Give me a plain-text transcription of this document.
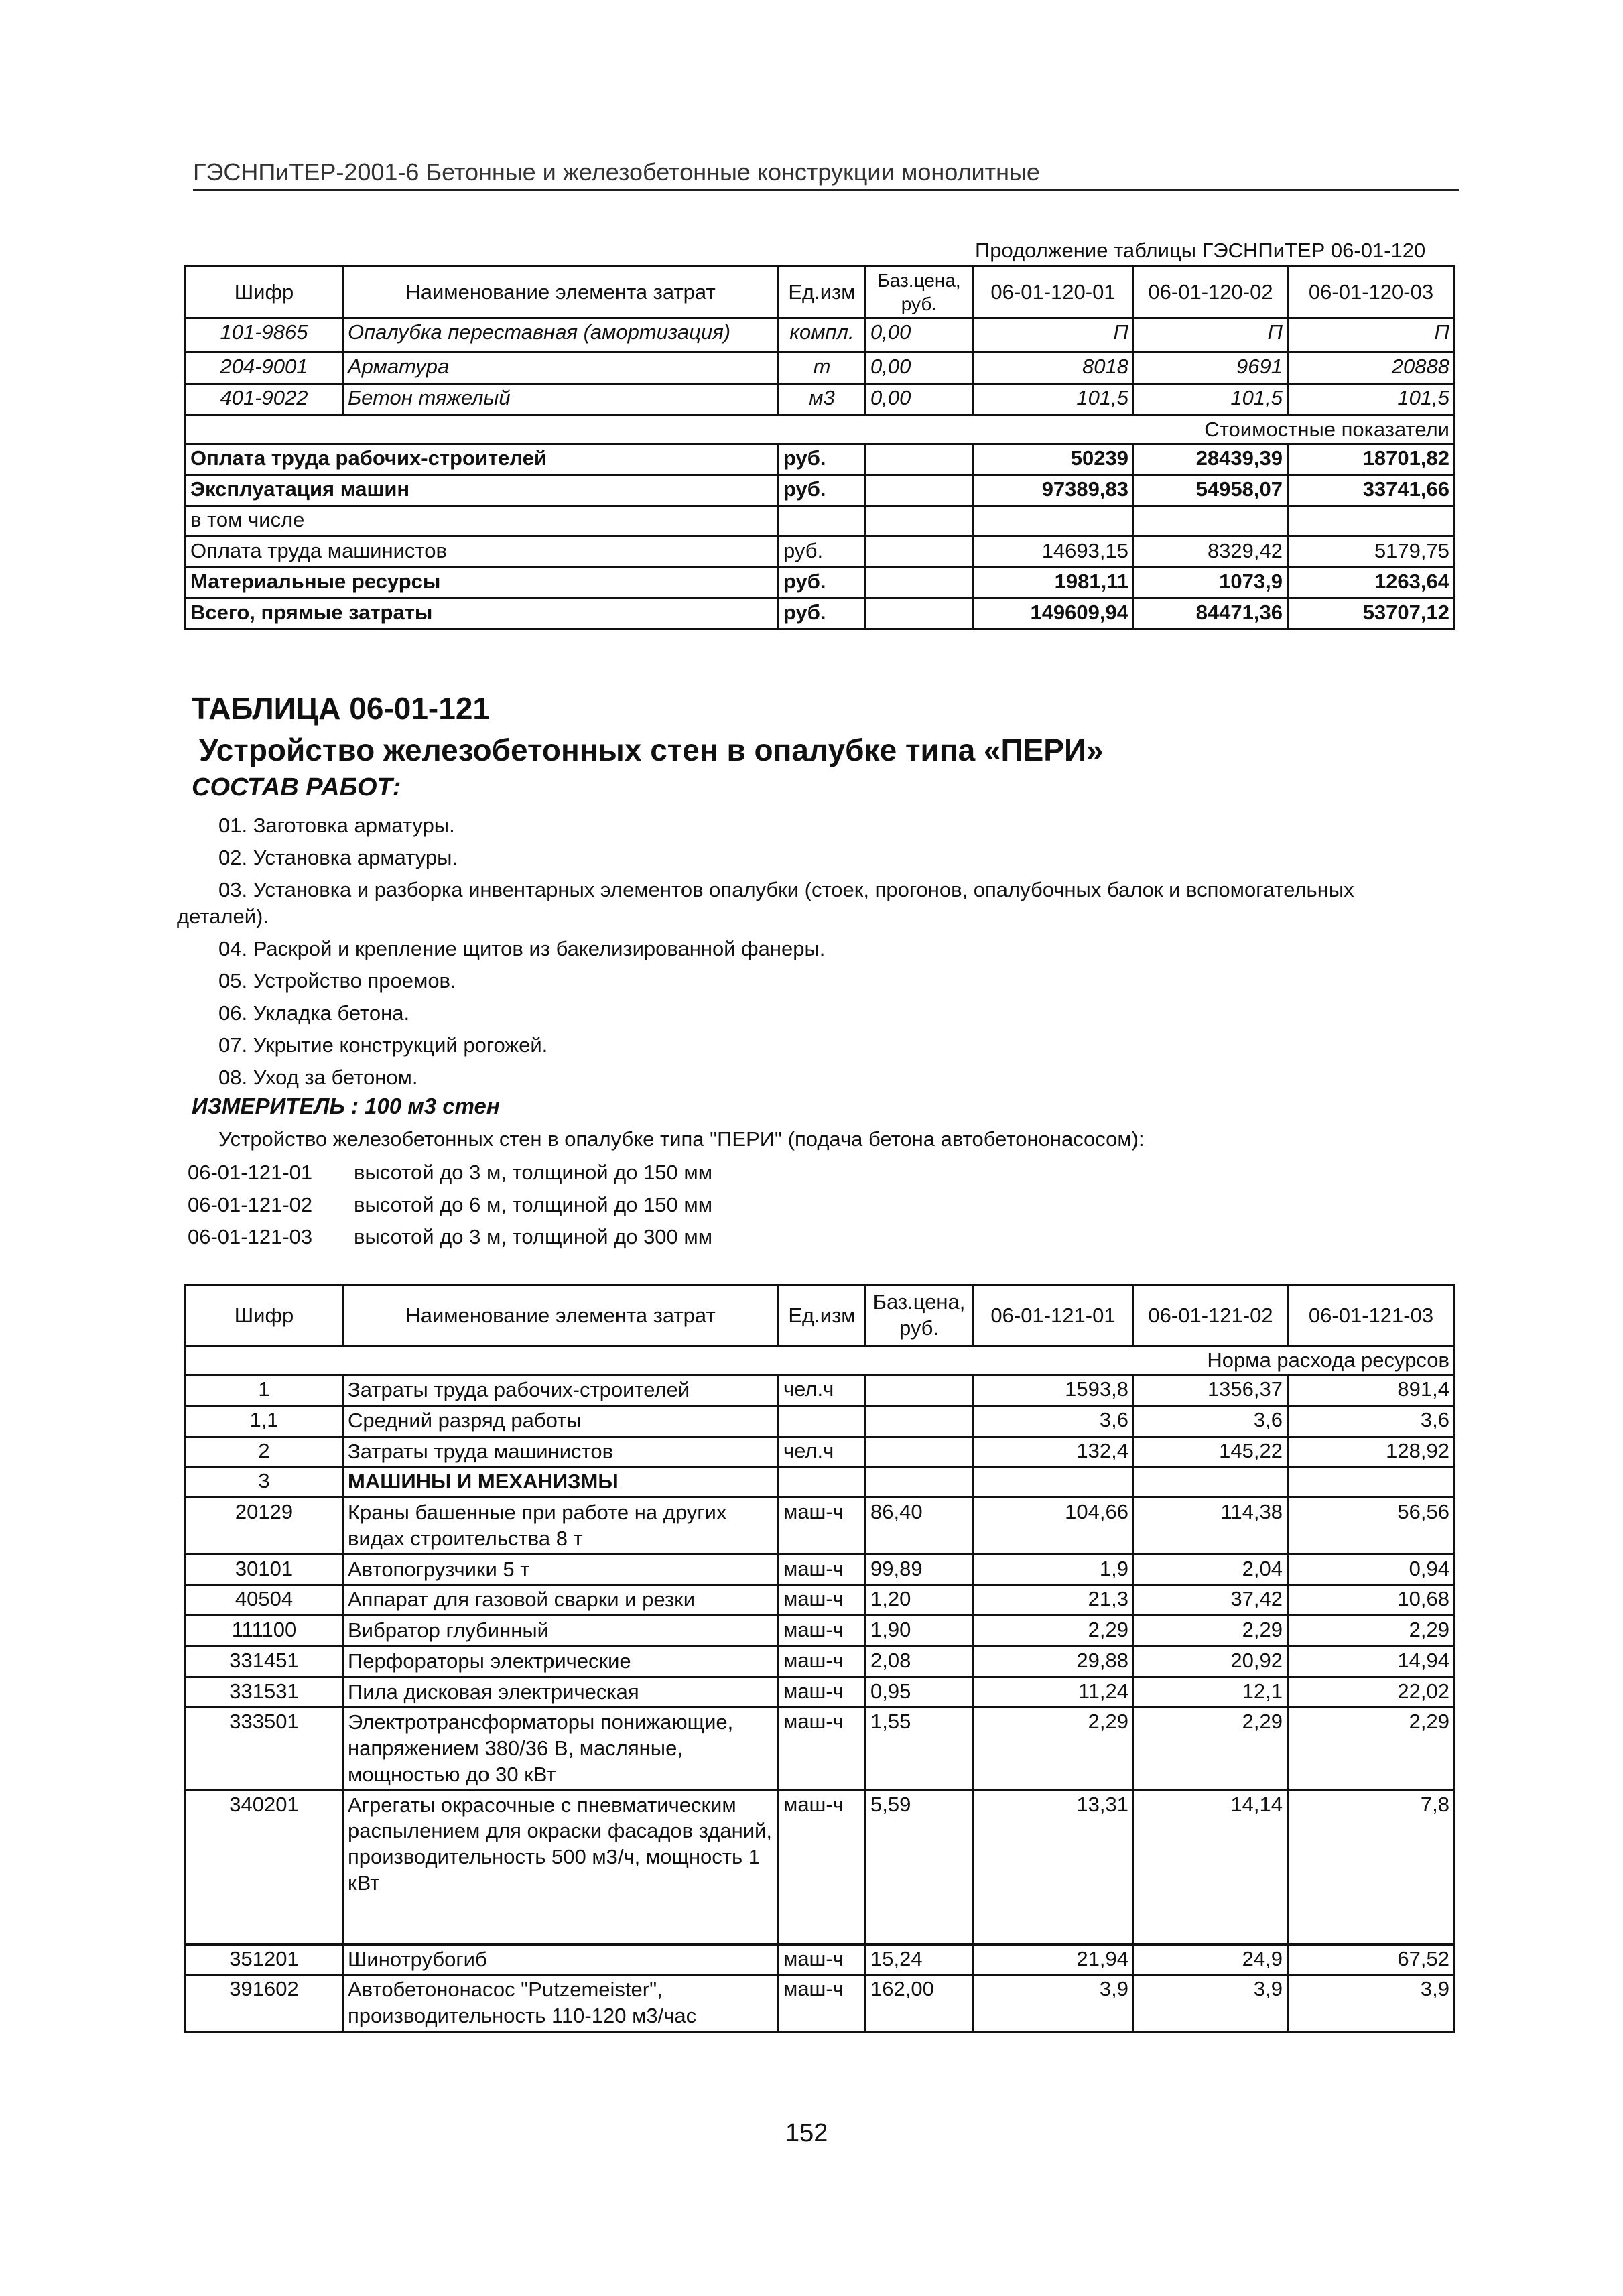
ГЭСНПиТЕР-2001-6 Бетонные и железобетонные конструкции монолитные
Продолжение таблицы ГЭСНПиТЕР 06-01-120
Шифр	Наименование элемента затрат	Ед.изм	Баз.цена, руб.	06-01-120-01	06-01-120-02	06-01-120-03
101-9865	Опалубка переставная (амортизация)	компл.	0,00	П	П	П
204-9001	Арматура	т	0,00	8018	9691	20888
401-9022	Бетон тяжелый	м3	0,00	101,5	101,5	101,5
Стоимостные показатели						
Оплата труда рабочих-строителей		руб.		50239	28439,39	18701,82
Эксплуатация машин		руб.		97389,83	54958,07	33741,66
в том числе						
Оплата труда машинистов		руб.		14693,15	8329,42	5179,75
Материальные ресурсы		руб.		1981,11	1073,9	1263,64
Всего, прямые затраты		руб.		149609,94	84471,36	53707,12
ТАБЛИЦА 06-01-121
Устройство железобетонных стен в опалубке типа «ПЕРИ»
СОСТАВ РАБОТ:
01. Заготовка арматуры.
02. Установка арматуры.
03. Установка и разборка инвентарных элементов опалубки (стоек, прогонов, опалубочных балок и вспомогательных
деталей).
04. Раскрой и крепление щитов из бакелизированной фанеры.
05. Устройство проемов.
06. Укладка бетона.
07. Укрытие конструкций рогожей.
08. Уход за бетоном.
ИЗМЕРИТЕЛЬ : 100 м3 стен
Устройство железобетонных стен в опалубке типа "ПЕРИ" (подача бетона автобетононасосом):
06-01-121-01 высотой до 3 м, толщиной до 150 мм
06-01-121-02 высотой до 6 м, толщиной до 150 мм
06-01-121-03 высотой до 3 м, толщиной до 300 мм
Шифр	Наименование элемента затрат	Ед.изм	Баз.цена, руб.	06-01-121-01	06-01-121-02	06-01-121-03
Норма расхода ресурсов						
1	Затраты труда рабочих-строителей	чел.ч		1593,8	1356,37	891,4
1,1	Средний разряд работы			3,6	3,6	3,6
2	Затраты труда машинистов	чел.ч		132,4	145,22	128,92
3	МАШИНЫ И МЕХАНИЗМЫ					
20129	Краны башенные при работе на других видах строительства 8 т	маш-ч	86,40	104,66	114,38	56,56
30101	Автопогрузчики 5 т	маш-ч	99,89	1,9	2,04	0,94
40504	Аппарат для газовой сварки и резки	маш-ч	1,20	21,3	37,42	10,68
111100	Вибратор глубинный	маш-ч	1,90	2,29	2,29	2,29
331451	Перфораторы электрические	маш-ч	2,08	29,88	20,92	14,94
331531	Пила дисковая электрическая	маш-ч	0,95	11,24	12,1	22,02
333501	Электротрансформаторы понижающие, напряжением 380/36 В, масляные, мощностью до 30 кВт	маш-ч	1,55	2,29	2,29	2,29
340201	Агрегаты окрасочные с пневматическим распылением для окраски фасадов зданий, производительность 500 м3/ч, мощность 1 кВт	маш-ч	5,59	13,31	14,14	7,8
351201	Шинотрубогиб	маш-ч	15,24	21,94	24,9	67,52
391602	Автобетононасос "Putzemeister", производительность 110-120 м3/час	маш-ч	162,00	3,9	3,9	3,9
152
